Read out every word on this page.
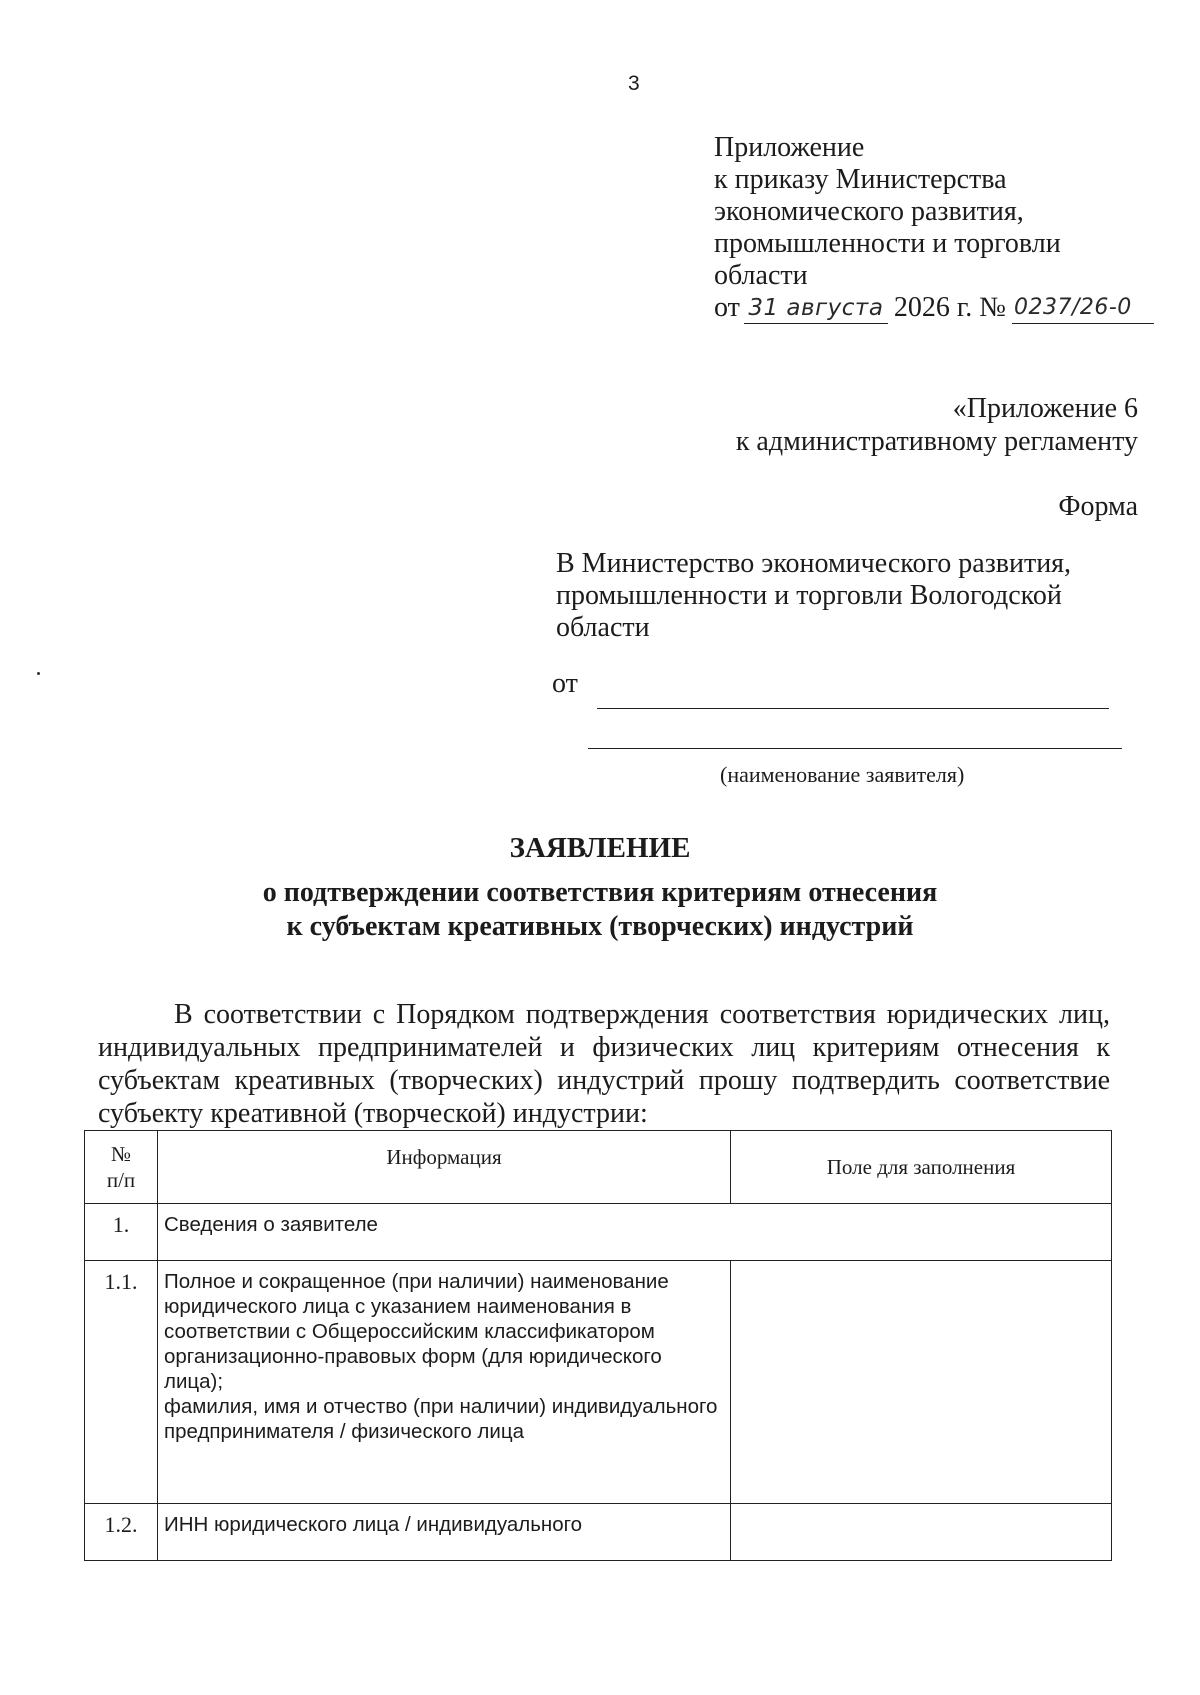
3
Приложение
к приказу Министерства
экономического развития,
промышленности и торговли
области
от 31 августа 2026 г. № 0237/26-0
«Приложение 6
к административному регламенту
Форма
В Министерство экономического развития,
промышленности и торговли Вологодской
области
от
(наименование заявителя)
ЗАЯВЛЕНИЕ
о подтверждении соответствия критериям отнесения
к субъектам креативных (творческих) индустрий
В соответствии с Порядком подтверждения соответствия юридических лиц, индивидуальных предпринимателей и физических лиц критериям отнесения к субъектам креативных (творческих) индустрий прошу подтвердить соответствие субъекту креативной (творческой) индустрии:
№
п/п	Информация	Поле для заполнения
1.	Сведения о заявителе	
1.1.	Полное и сокращенное (при наличии) наименование юридического лица с указанием наименования в соответствии с Общероссийским классификатором организационно-правовых форм (для юридического лица);
фамилия, имя и отчество (при наличии) индивидуального предпринимателя / физического лица	

1.2.	ИНН юридического лица / индивидуального	
